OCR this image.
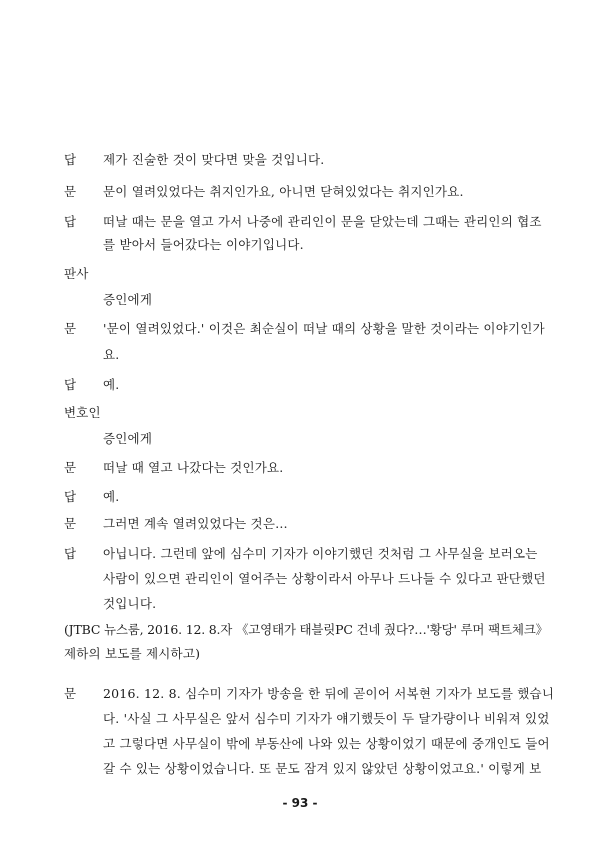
답 제가 진술한 것이 맞다면 맞을 것입니다.
문 문이 열려있었다는 취지인가요, 아니면 닫혀있었다는 취지인가요.
답 떠날 때는 문을 열고 가서 나중에 관리인이 문을 닫았는데 그때는 관리인의 협조
를 받아서 들어갔다는 이야기입니다.
판사
증인에게
문 '문이 열려있었다.' 이것은 최순실이 떠날 때의 상황을 말한 것이라는 이야기인가
요.
답 예.
변호인
증인에게
문 떠날 때 열고 나갔다는 것인가요.
답 예.
문 그러면 계속 열려있었다는 것은…
답 아닙니다. 그런데 앞에 심수미 기자가 이야기했던 것처럼 그 사무실을 보러오는
사람이 있으면 관리인이 열어주는 상황이라서 아무나 드나들 수 있다고 판단했던
것입니다.
(JTBC 뉴스룸, 2016. 12. 8.자 《고영태가 태블릿PC 건네 줬다?…'황당' 루머 팩트체크》
제하의 보도를 제시하고)
문 2016. 12. 8. 심수미 기자가 방송을 한 뒤에 곧이어 서복현 기자가 보도를 했습니
다. '사실 그 사무실은 앞서 심수미 기자가 얘기했듯이 두 달가량이나 비워져 있었
고 그렇다면 사무실이 밖에 부동산에 나와 있는 상황이었기 때문에 중개인도 들어
갈 수 있는 상황이었습니다. 또 문도 잠겨 있지 않았던 상황이었고요.' 이렇게 보
- 93 -
